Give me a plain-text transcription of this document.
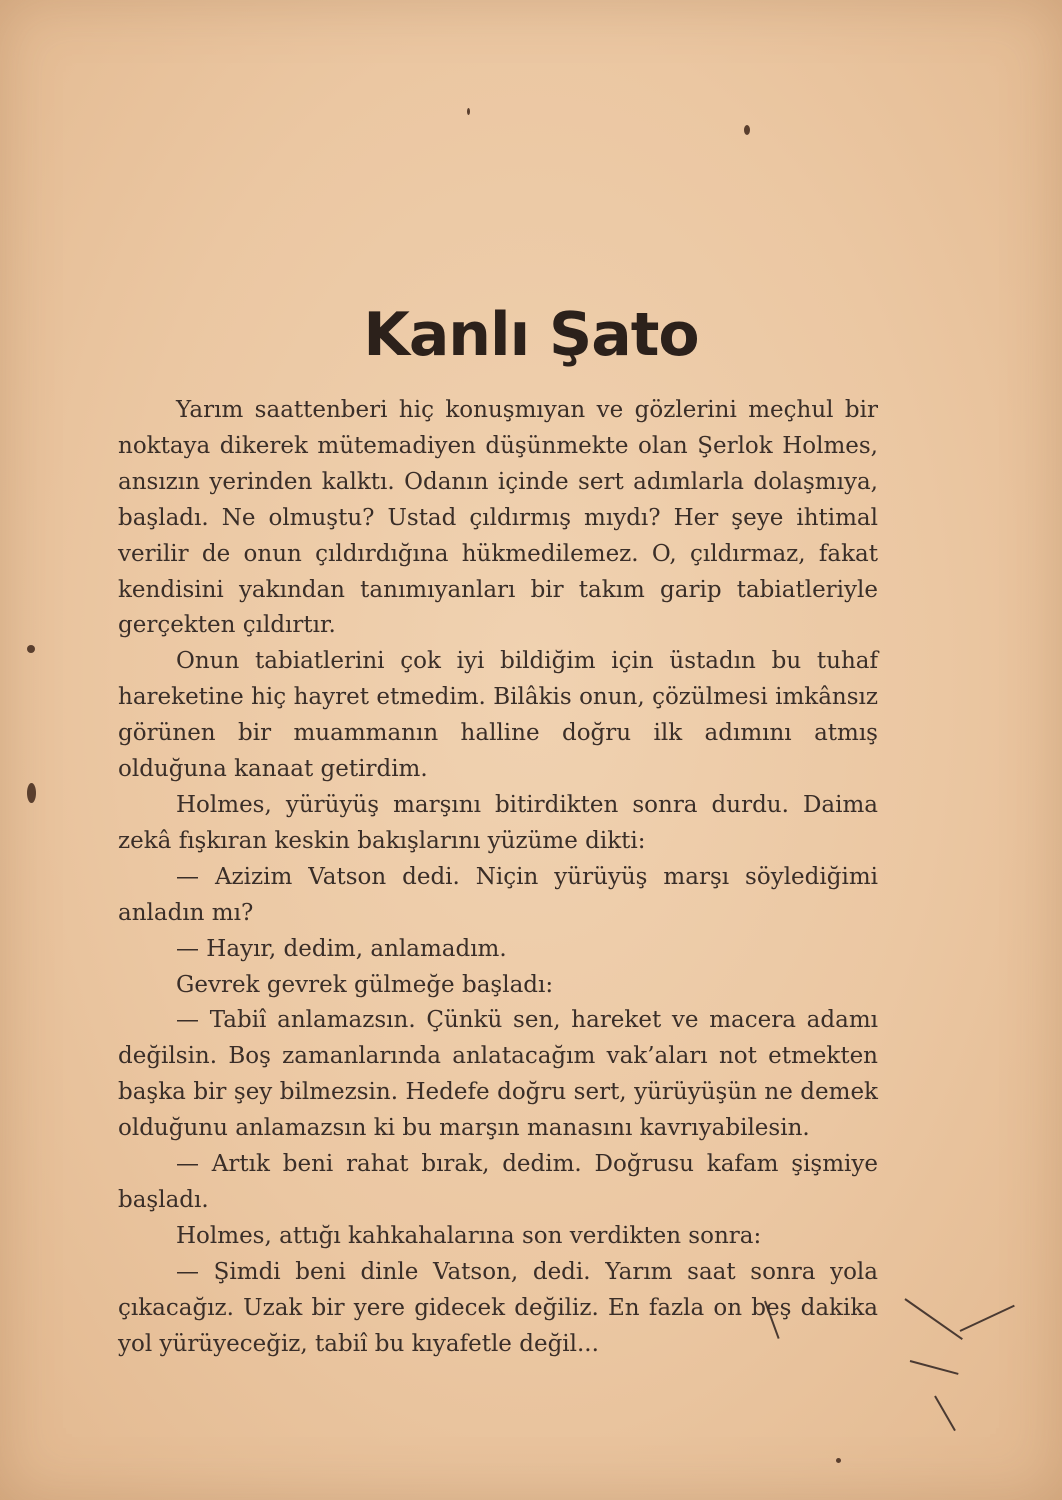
Kanlı Şato

Yarım saattenberi hiç konuşmıyan ve gözlerini meçhul bir noktaya dikerek mütemadiyen düşünmekte olan Şerlok Holmes, ansızın yerinden kalktı. Odanın içinde sert adımlarla dolaşmıya, başladı. Ne olmuştu? Ustad çıldırmış mıydı? Her şeye ihtimal verilir de onun çıldırdığına hükmedilemez. O, çıldırmaz, fakat kendisini yakından tanımıyanları bir takım garip tabiatleriyle gerçekten çıldırtır.

Onun tabiatlerini çok iyi bildiğim için üstadın bu tuhaf hareketine hiç hayret etmedim. Bilâkis onun, çözülmesi imkânsız görünen bir muammanın halline doğru ilk adımını atmış olduğuna kanaat getirdim.

Holmes, yürüyüş marşını bitirdikten sonra durdu. Daima zekâ fışkıran keskin bakışlarını yüzüme dikti:

— Azizim Vatson dedi. Niçin yürüyüş marşı söylediğimi anladın mı?

— Hayır, dedim, anlamadım.

Gevrek gevrek gülmeğe başladı:

— Tabiî anlamazsın. Çünkü sen, hareket ve macera adamı değilsin. Boş zamanlarında anlatacağım vak’aları not etmekten başka bir şey bilmezsin. Hedefe doğru sert, yürüyüşün ne demek olduğunu anlamazsın ki bu marşın manasını kavrıyabilesin.

— Artık beni rahat bırak, dedim. Doğrusu kafam şişmiye başladı.

Holmes, attığı kahkahalarına son verdikten sonra:

— Şimdi beni dinle Vatson, dedi. Yarım saat sonra yola çıkacağız. Uzak bir yere gidecek değiliz. En fazla on beş dakika yol yürüyeceğiz, tabiî bu kıyafetle değil...
